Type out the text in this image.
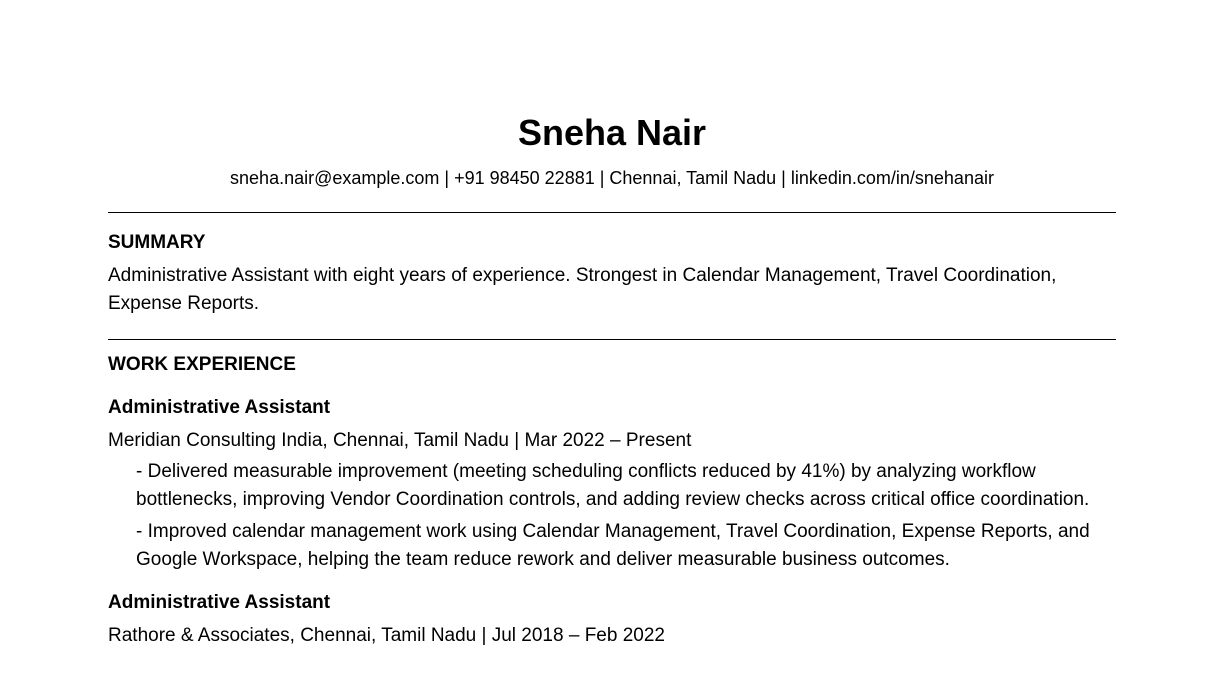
Sneha Nair
sneha.nair@example.com | +91 98450 22881 | Chennai, Tamil Nadu | linkedin.com/in/snehanair
SUMMARY
Administrative Assistant with eight years of experience. Strongest in Calendar Management, Travel Coordination, Expense Reports.
WORK EXPERIENCE
Administrative Assistant
Meridian Consulting India, Chennai, Tamil Nadu | Mar 2022 – Present
- Delivered measurable improvement (meeting scheduling conflicts reduced by 41%) by analyzing workflow bottlenecks, improving Vendor Coordination controls, and adding review checks across critical office coordination.
- Improved calendar management work using Calendar Management, Travel Coordination, Expense Reports, and Google Workspace, helping the team reduce rework and deliver measurable business outcomes.
Administrative Assistant
Rathore & Associates, Chennai, Tamil Nadu | Jul 2018 – Feb 2022
